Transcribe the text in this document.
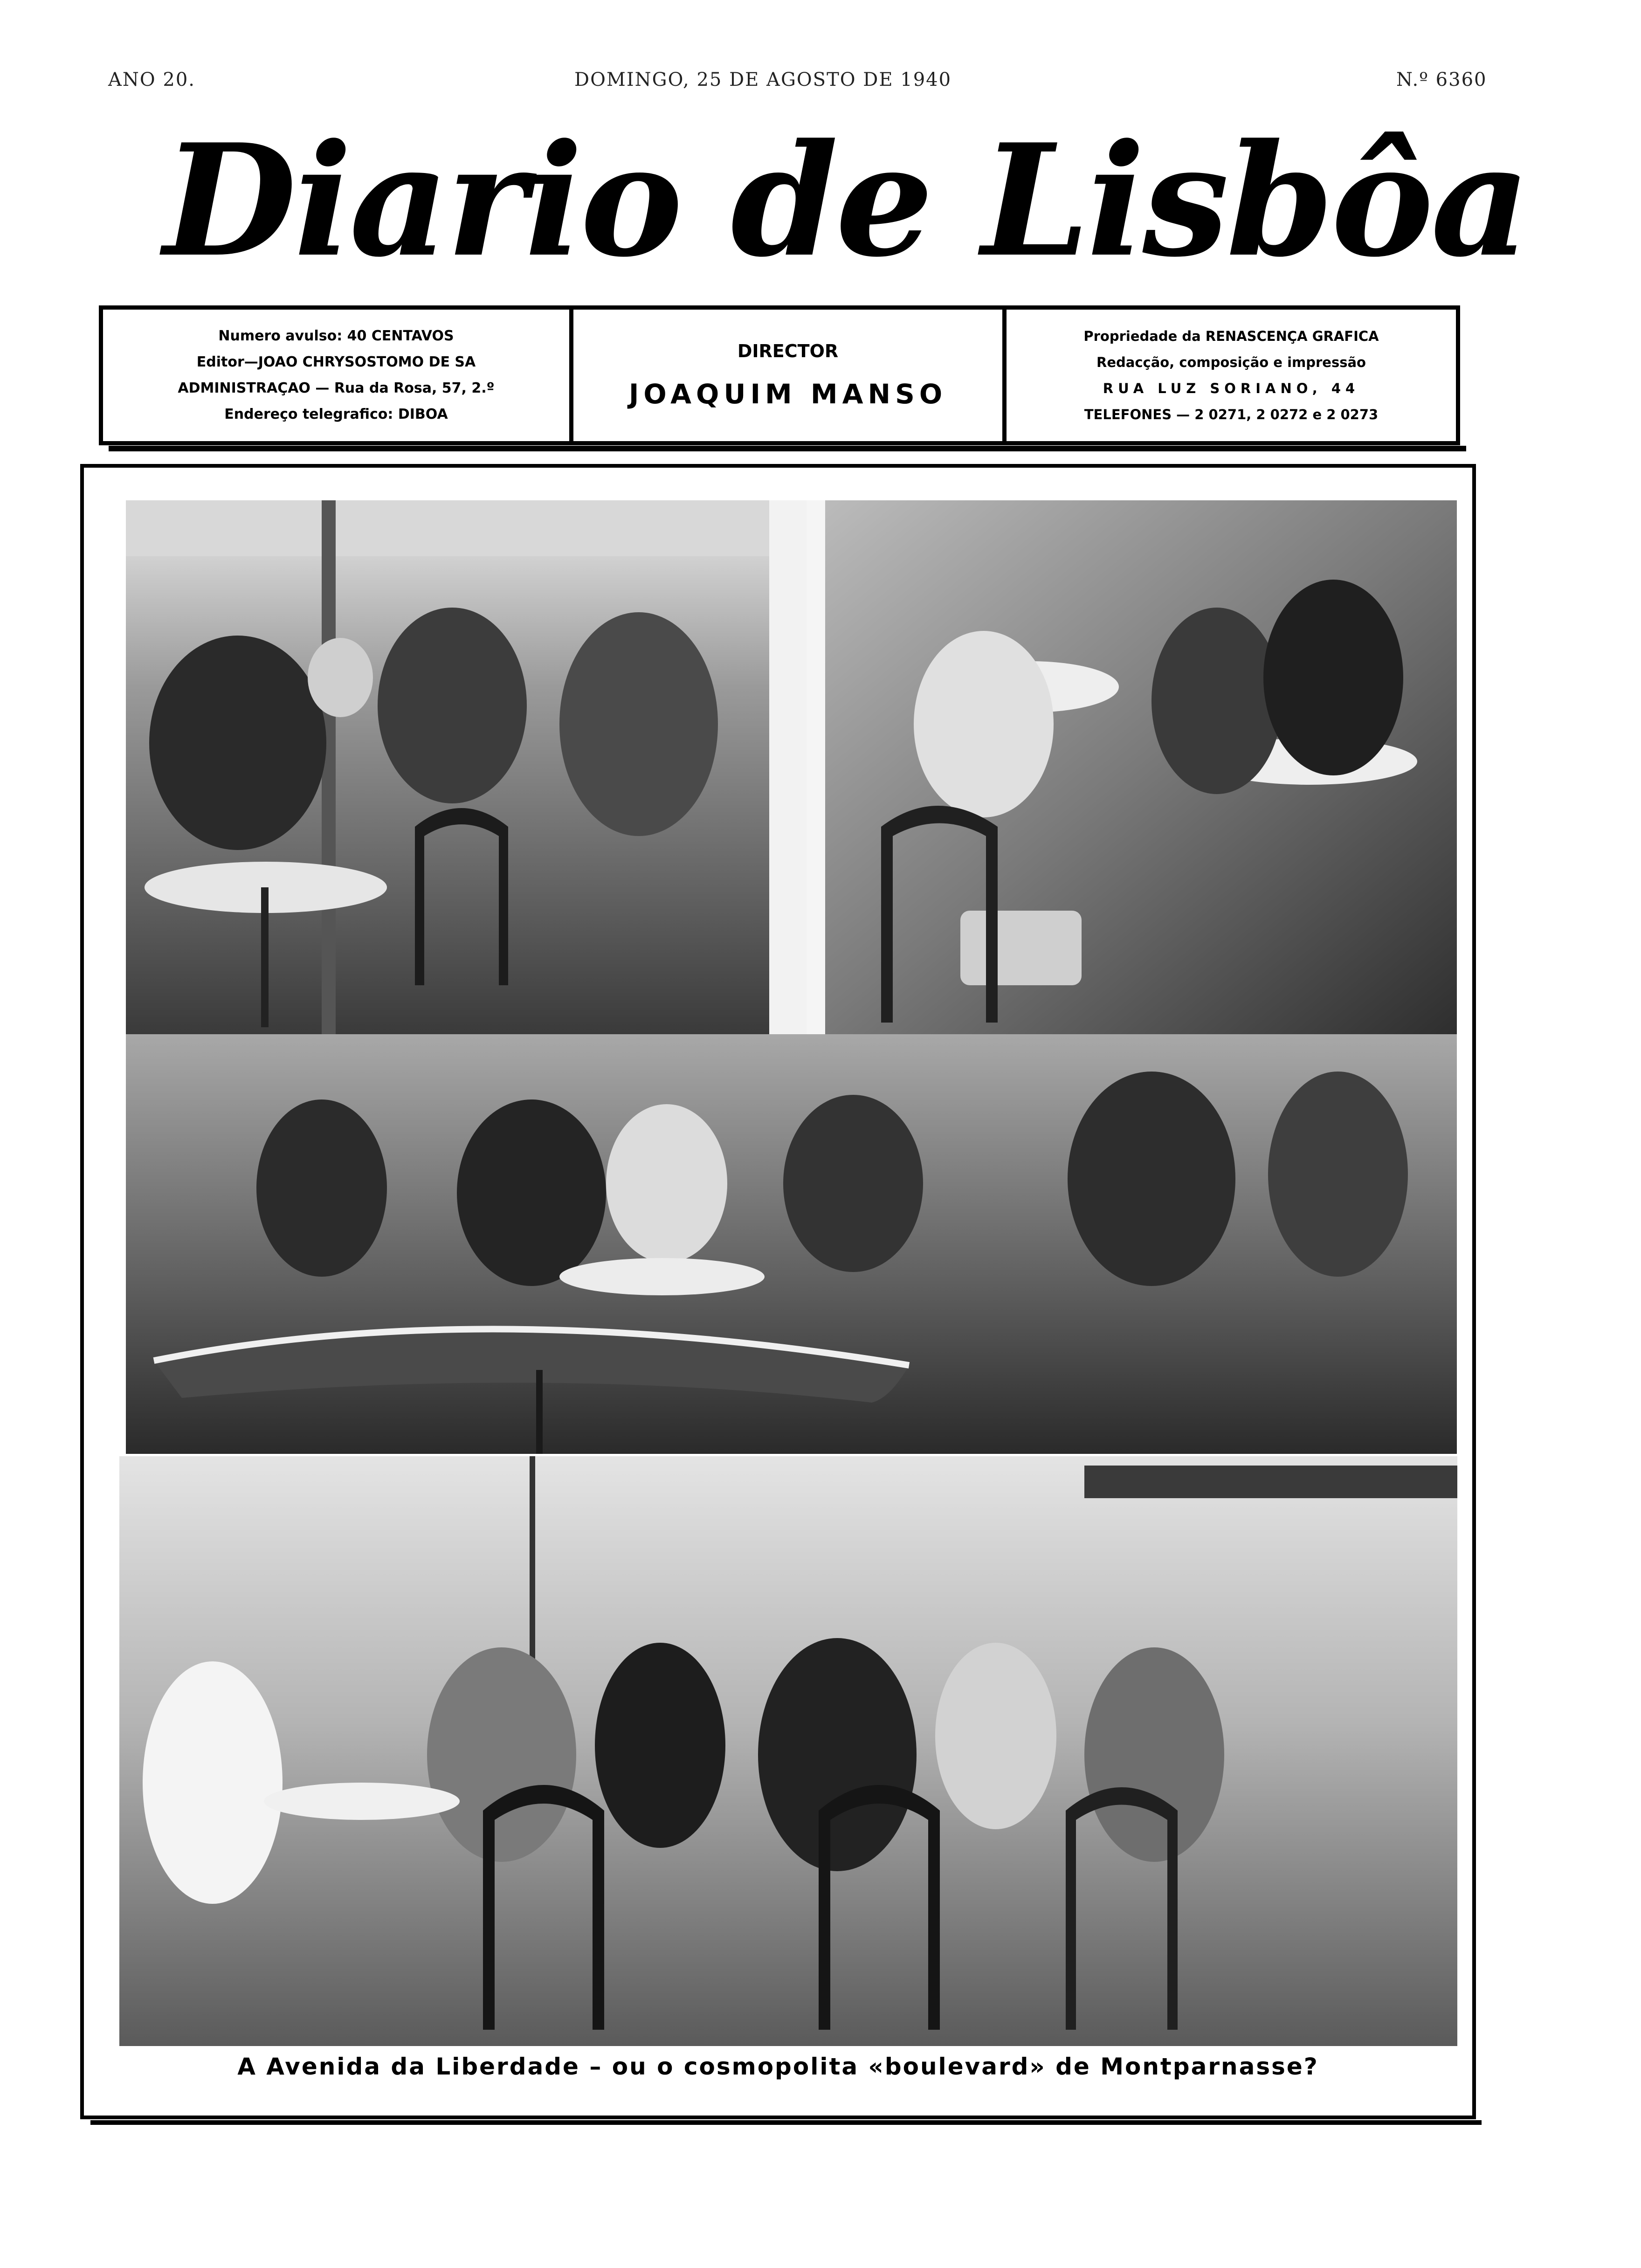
ANO 20.	DOMINGO, 25 DE AGOSTO DE 1940	N.º 6360
Diario de Lisbôa
Numero avulso: 40 CENTAVOS
Editor—JOAO CHRYSOSTOMO DE SA
ADMINISTRAÇAO — Rua da Rosa, 57, 2.º
Endereço telegrafico: DIBOA
DIRECTOR
JOAQUIM MANSO
Propriedade da RENASCENÇA GRAFICA
Redacção, composição e impressão
RUA LUZ SORIANO, 44
TELEFONES — 2 0271, 2 0272 e 2 0273
A Avenida da Liberdade – ou o cosmopolita «boulevard» de Montparnasse?
